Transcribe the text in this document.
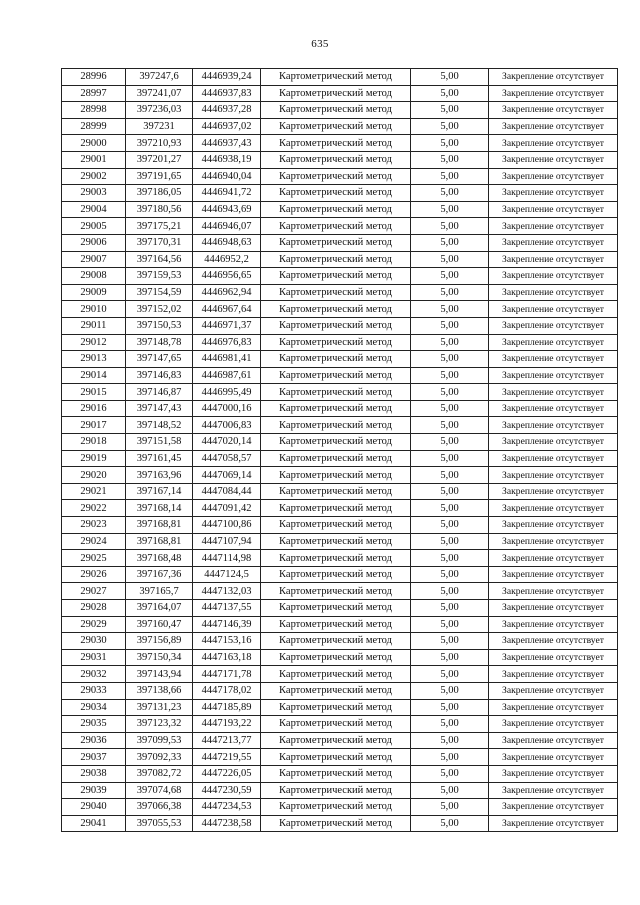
635
28996	397247,6	4446939,24	Картометрический метод	5,00	Закрепление отсутствует
28997	397241,07	4446937,83	Картометрический метод	5,00	Закрепление отсутствует
28998	397236,03	4446937,28	Картометрический метод	5,00	Закрепление отсутствует
28999	397231	4446937,02	Картометрический метод	5,00	Закрепление отсутствует
29000	397210,93	4446937,43	Картометрический метод	5,00	Закрепление отсутствует
29001	397201,27	4446938,19	Картометрический метод	5,00	Закрепление отсутствует
29002	397191,65	4446940,04	Картометрический метод	5,00	Закрепление отсутствует
29003	397186,05	4446941,72	Картометрический метод	5,00	Закрепление отсутствует
29004	397180,56	4446943,69	Картометрический метод	5,00	Закрепление отсутствует
29005	397175,21	4446946,07	Картометрический метод	5,00	Закрепление отсутствует
29006	397170,31	4446948,63	Картометрический метод	5,00	Закрепление отсутствует
29007	397164,56	4446952,2	Картометрический метод	5,00	Закрепление отсутствует
29008	397159,53	4446956,65	Картометрический метод	5,00	Закрепление отсутствует
29009	397154,59	4446962,94	Картометрический метод	5,00	Закрепление отсутствует
29010	397152,02	4446967,64	Картометрический метод	5,00	Закрепление отсутствует
29011	397150,53	4446971,37	Картометрический метод	5,00	Закрепление отсутствует
29012	397148,78	4446976,83	Картометрический метод	5,00	Закрепление отсутствует
29013	397147,65	4446981,41	Картометрический метод	5,00	Закрепление отсутствует
29014	397146,83	4446987,61	Картометрический метод	5,00	Закрепление отсутствует
29015	397146,87	4446995,49	Картометрический метод	5,00	Закрепление отсутствует
29016	397147,43	4447000,16	Картометрический метод	5,00	Закрепление отсутствует
29017	397148,52	4447006,83	Картометрический метод	5,00	Закрепление отсутствует
29018	397151,58	4447020,14	Картометрический метод	5,00	Закрепление отсутствует
29019	397161,45	4447058,57	Картометрический метод	5,00	Закрепление отсутствует
29020	397163,96	4447069,14	Картометрический метод	5,00	Закрепление отсутствует
29021	397167,14	4447084,44	Картометрический метод	5,00	Закрепление отсутствует
29022	397168,14	4447091,42	Картометрический метод	5,00	Закрепление отсутствует
29023	397168,81	4447100,86	Картометрический метод	5,00	Закрепление отсутствует
29024	397168,81	4447107,94	Картометрический метод	5,00	Закрепление отсутствует
29025	397168,48	4447114,98	Картометрический метод	5,00	Закрепление отсутствует
29026	397167,36	4447124,5	Картометрический метод	5,00	Закрепление отсутствует
29027	397165,7	4447132,03	Картометрический метод	5,00	Закрепление отсутствует
29028	397164,07	4447137,55	Картометрический метод	5,00	Закрепление отсутствует
29029	397160,47	4447146,39	Картометрический метод	5,00	Закрепление отсутствует
29030	397156,89	4447153,16	Картометрический метод	5,00	Закрепление отсутствует
29031	397150,34	4447163,18	Картометрический метод	5,00	Закрепление отсутствует
29032	397143,94	4447171,78	Картометрический метод	5,00	Закрепление отсутствует
29033	397138,66	4447178,02	Картометрический метод	5,00	Закрепление отсутствует
29034	397131,23	4447185,89	Картометрический метод	5,00	Закрепление отсутствует
29035	397123,32	4447193,22	Картометрический метод	5,00	Закрепление отсутствует
29036	397099,53	4447213,77	Картометрический метод	5,00	Закрепление отсутствует
29037	397092,33	4447219,55	Картометрический метод	5,00	Закрепление отсутствует
29038	397082,72	4447226,05	Картометрический метод	5,00	Закрепление отсутствует
29039	397074,68	4447230,59	Картометрический метод	5,00	Закрепление отсутствует
29040	397066,38	4447234,53	Картометрический метод	5,00	Закрепление отсутствует
29041	397055,53	4447238,58	Картометрический метод	5,00	Закрепление отсутствует
